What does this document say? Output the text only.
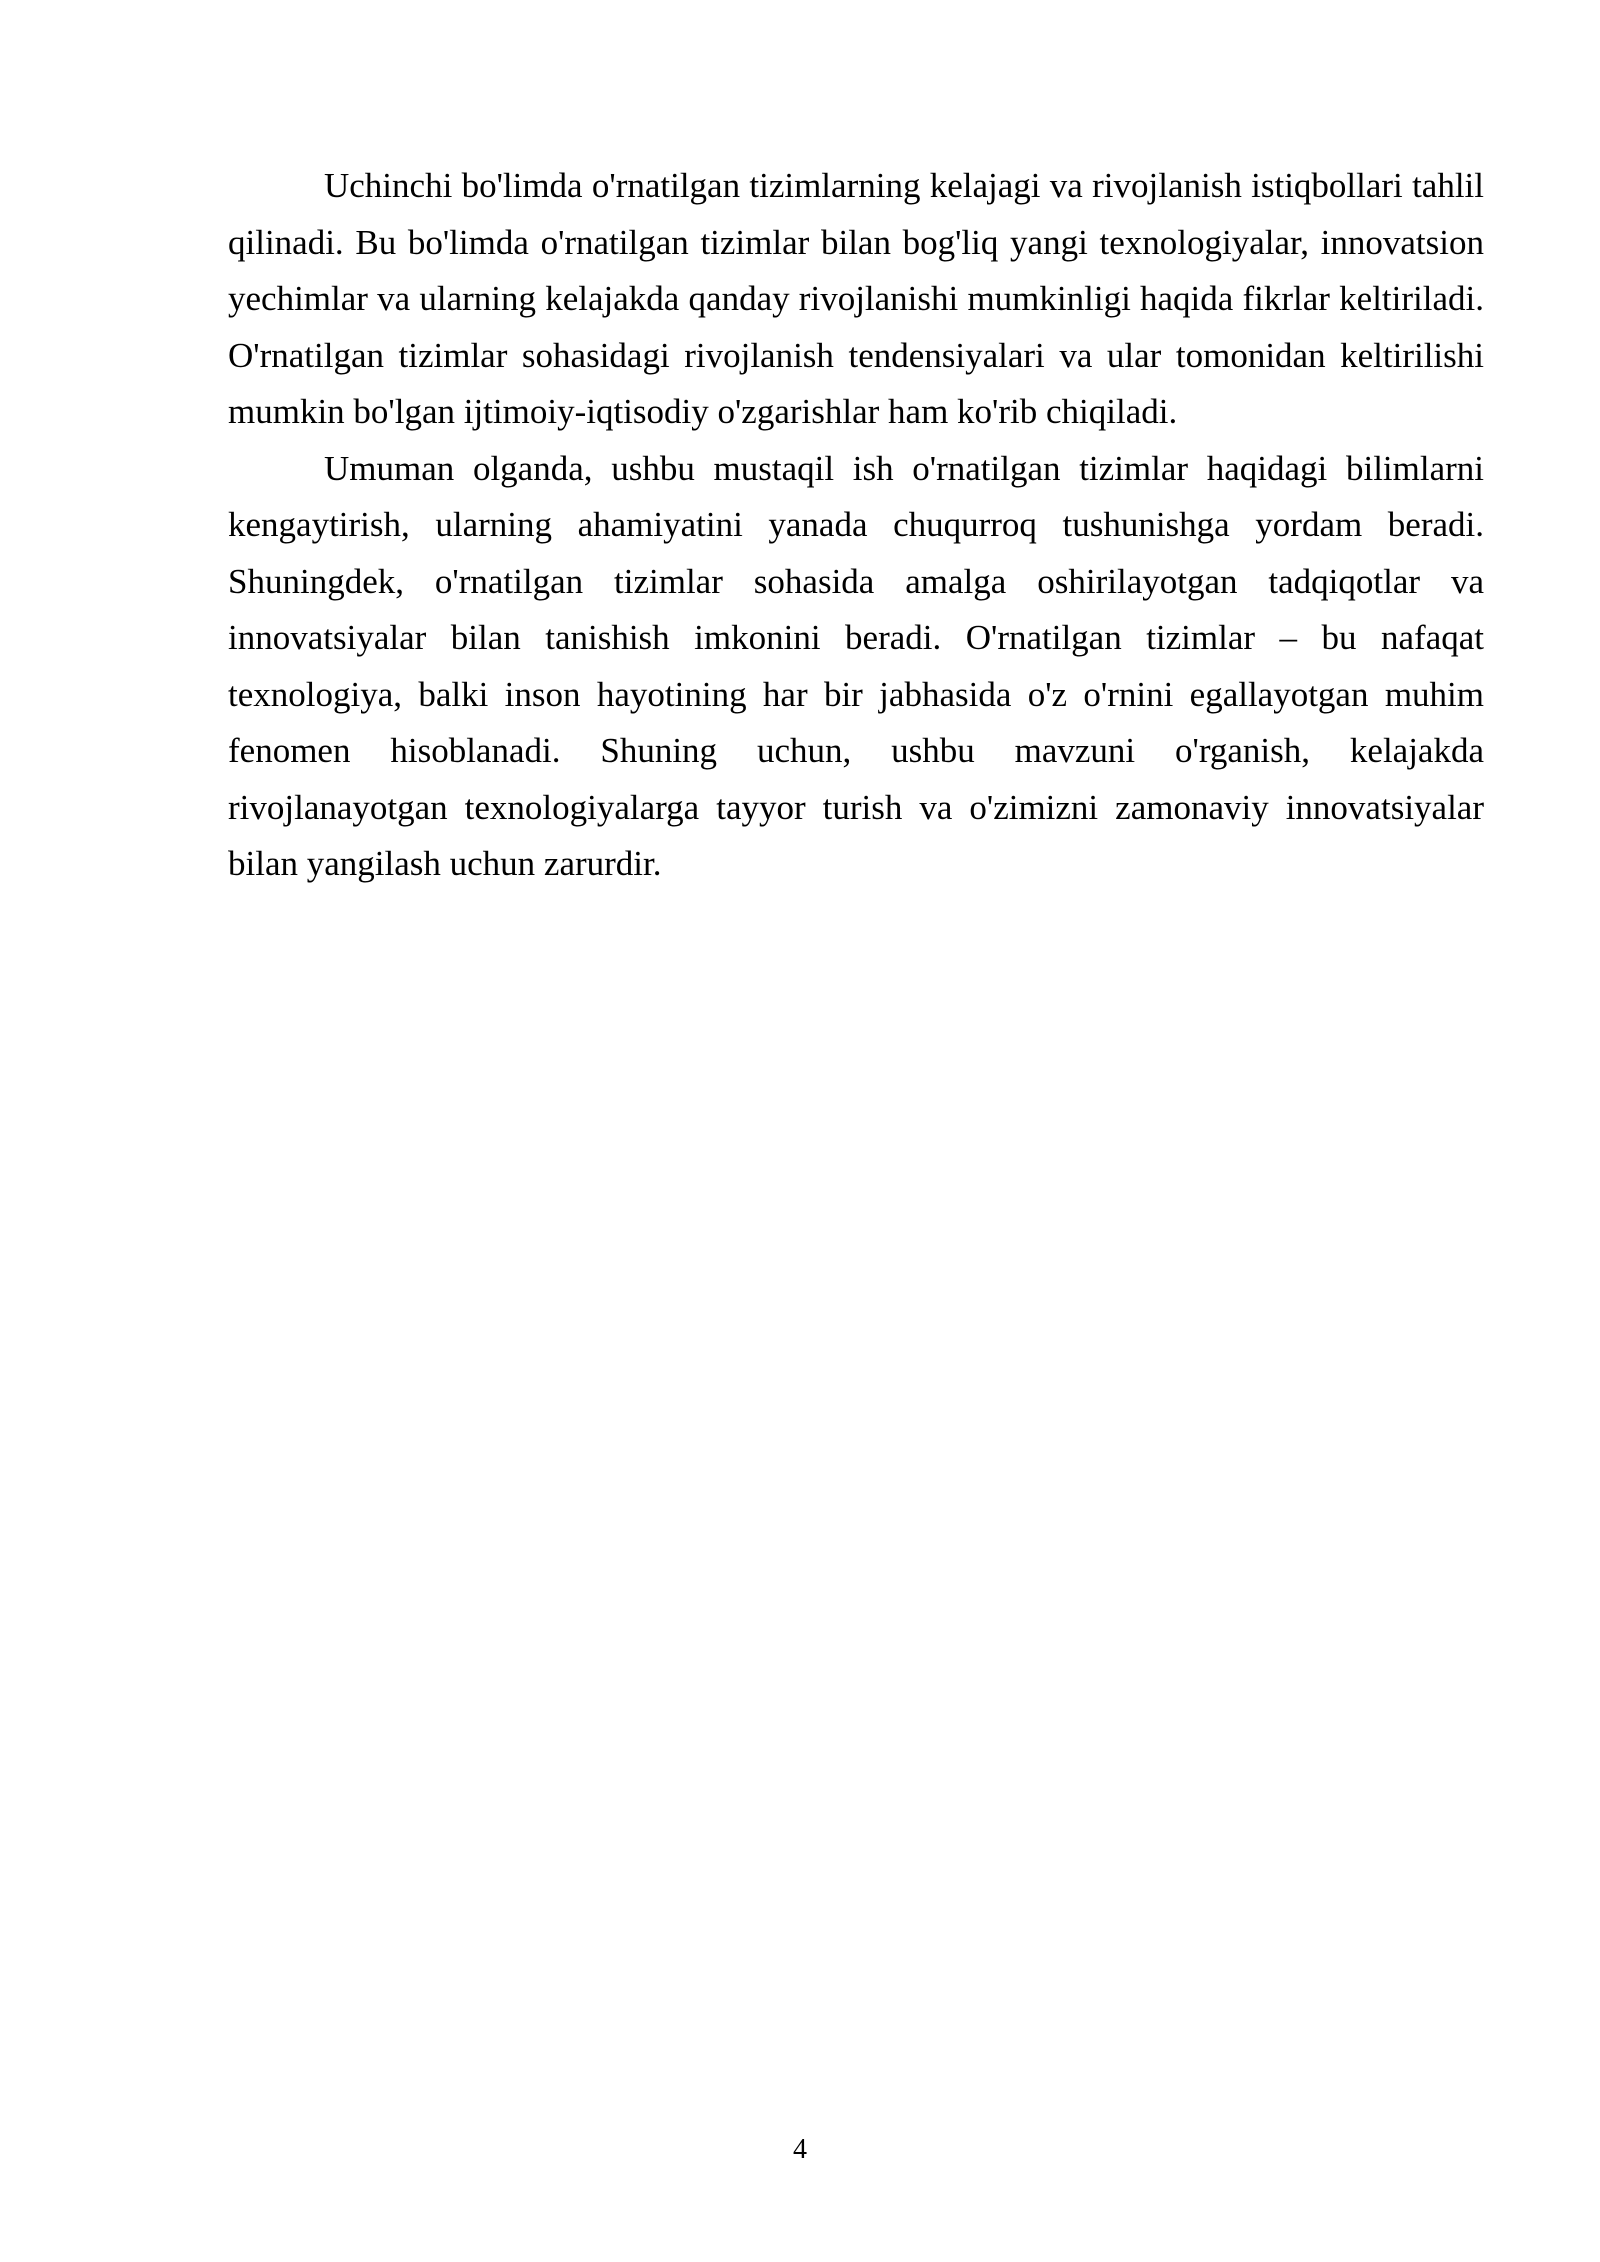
Uchinchi bo'limda o'rnatilgan tizimlarning kelajagi va rivojlanish istiqbollari tahlil qilinadi. Bu bo'limda o'rnatilgan tizimlar bilan bog'liq yangi texnologiyalar, innovatsion yechimlar va ularning kelajakda qanday rivojlanishi mumkinligi haqida fikrlar keltiriladi. O'rnatilgan tizimlar sohasidagi rivojlanish tendensiyalari va ular tomonidan keltirilishi mumkin bo'lgan ijtimoiy-iqtisodiy o'zgarishlar ham ko'rib chiqiladi.

Umuman olganda, ushbu mustaqil ish o'rnatilgan tizimlar haqidagi bilimlarni kengaytirish, ularning ahamiyatini yanada chuqurroq tushunishga yordam beradi. Shuningdek, o'rnatilgan tizimlar sohasida amalga oshirilayotgan tadqiqotlar va innovatsiyalar bilan tanishish imkonini beradi. O'rnatilgan tizimlar – bu nafaqat texnologiya, balki inson hayotining har bir jabhasida o'z o'rnini egallayotgan muhim fenomen hisoblanadi. Shuning uchun, ushbu mavzuni o'rganish, kelajakda rivojlanayotgan texnologiyalarga tayyor turish va o'zimizni zamonaviy innovatsiyalar bilan yangilash uchun zarurdir.

4
